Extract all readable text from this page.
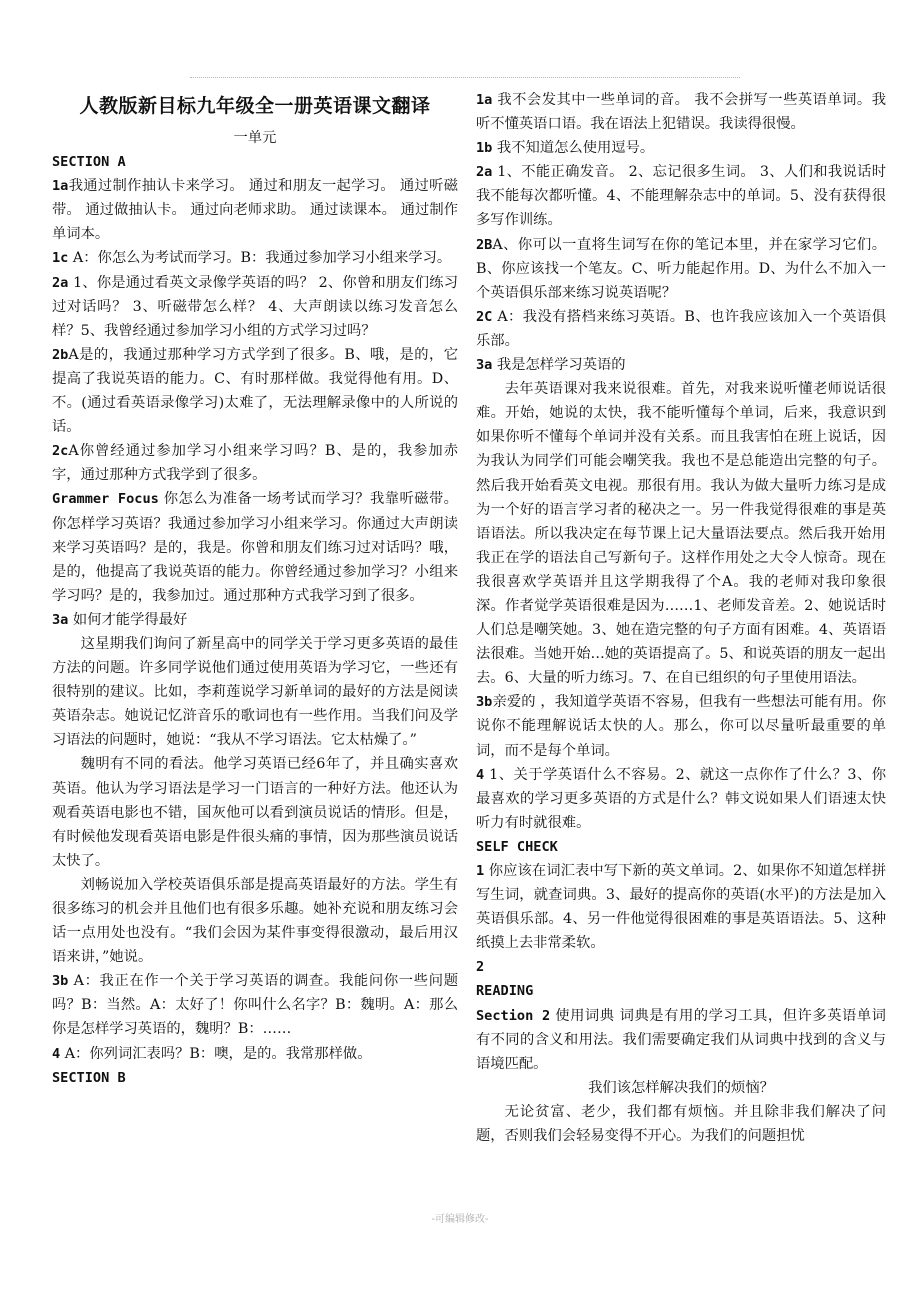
人教版新目标九年级全一册英语课文翻译

一单元

SECTION A

1a我通过制作抽认卡来学习。 通过和朋友一起学习。 通过听磁带。 通过做抽认卡。 通过向老师求助。 通过读课本。 通过制作单词本。

1c A：你怎么为考试而学习。B：我通过参加学习小组来学习。

2a 1、你是通过看英文录像学英语的吗？ 2、你曾和朋友们练习过对话吗？ 3、听磁带怎么样？ 4、大声朗读以练习发音怎么样？5、我曾经通过参加学习小组的方式学习过吗？

2bA是的，我通过那种学习方式学到了很多。B、哦，是的，它提高了我说英语的能力。C、有时那样做。我觉得他有用。D、不。(通过看英语录像学习)太难了，无法理解录像中的人所说的话。

2cA你曾经通过参加学习小组来学习吗？B、是的，我参加赤字，通过那种方式我学到了很多。

Grammer Focus 你怎么为准备一场考试而学习？我靠听磁带。 你怎样学习英语？我通过参加学习小组来学习。你通过大声朗读来学习英语吗？是的，我是。你曾和朋友们练习过对话吗？哦，是的，他提高了我说英语的能力。你曾经通过参加学习？小组来学习吗？是的，我参加过。通过那种方式我学习到了很多。

3a 如何才能学得最好

这星期我们询问了新星高中的同学关于学习更多英语的最佳方法的问题。许多同学说他们通过使用英语为学习它，一些还有很特别的建议。比如，李莉莲说学习新单词的最好的方法是阅读英语杂志。她说记忆浒音乐的歌词也有一些作用。当我们问及学习语法的问题时，她说：“我从不学习语法。它太枯燥了。”

魏明有不同的看法。他学习英语已经6年了，并且确实喜欢英语。他认为学习语法是学习一门语言的一种好方法。他还认为观看英语电影也不错，国灰他可以看到演员说话的情形。但是，有时候他发现看英语电影是件很头痛的事情，因为那些演员说话太快了。

刘畅说加入学校英语俱乐部是提高英语最好的方法。学生有很多练习的机会并且他们也有很多乐趣。她补充说和朋友练习会话一点用处也没有。“我们会因为某件事变得很激动，最后用汉语来讲，”她说。

3b A：我正在作一个关于学习英语的调查。我能问你一些问题吗？B：当然。A：太好了！你叫什么名字？B：魏明。A：那么你是怎样学习英语的，魏明？B：……

4 A：你列词汇表吗？B：噢，是的。我常那样做。

SECTION B

1a 我不会发其中一些单词的音。 我不会拼写一些英语单词。我听不懂英语口语。我在语法上犯错误。我读得很慢。

1b 我不知道怎么使用逗号。

2a 1、不能正确发音。 2、忘记很多生词。 3、人们和我说话时我不能每次都听懂。4、不能理解杂志中的单词。5、没有获得很多写作训练。

2BA、你可以一直将生词写在你的笔记本里，并在家学习它们。B、你应该找一个笔友。C、听力能起作用。D、为什么不加入一个英语俱乐部来练习说英语呢？

2C A：我没有搭档来练习英语。B、也许我应该加入一个英语俱乐部。

3a 我是怎样学习英语的

去年英语课对我来说很难。首先，对我来说听懂老师说话很难。开始，她说的太快，我不能听懂每个单词，后来，我意识到如果你听不懂每个单词并没有关系。而且我害怕在班上说话，因为我认为同学们可能会嘲笑我。我也不是总能造出完整的句子。然后我开始看英文电视。那很有用。我认为做大量听力练习是成为一个好的语言学习者的秘决之一。另一件我觉得很难的事是英语语法。所以我决定在每节课上记大量语法要点。然后我开始用我正在学的语法自己写新句子。这样作用处之大令人惊奇。现在我很喜欢学英语并且这学期我得了个A。我的老师对我印象很深。作者觉学英语很难是因为……1、老师发音差。2、她说话时人们总是嘲笑她。3、她在造完整的句子方面有困难。4、英语语法很难。当她开始…她的英语提高了。5、和说英语的朋友一起出去。6、大量的听力练习。7、在自已组织的句子里使用语法。

3b亲爱的 ，我知道学英语不容易，但我有一些想法可能有用。你说你不能理解说话太快的人。那么，你可以尽量听最重要的单词，而不是每个单词。

4 1、关于学英语什么不容易。2、就这一点你作了什么？3、你最喜欢的学习更多英语的方式是什么？韩文说如果人们语速太快听力有时就很难。

SELF CHECK

1 你应该在词汇表中写下新的英文单词。2、如果你不知道怎样拼写生词，就查词典。3、最好的提高你的英语(水平)的方法是加入英语俱乐部。4、另一件他觉得很困难的事是英语语法。5、这种纸摸上去非常柔软。

2

READING

Section 2 使用词典 词典是有用的学习工具，但许多英语单词有不同的含义和用法。我们需要确定我们从词典中找到的含义与语境匹配。

我们该怎样解决我们的烦恼？

无论贫富、老少，我们都有烦恼。并且除非我们解决了问题，否则我们会轻易变得不开心。为我们的问题担忧

-可编辑修改-
